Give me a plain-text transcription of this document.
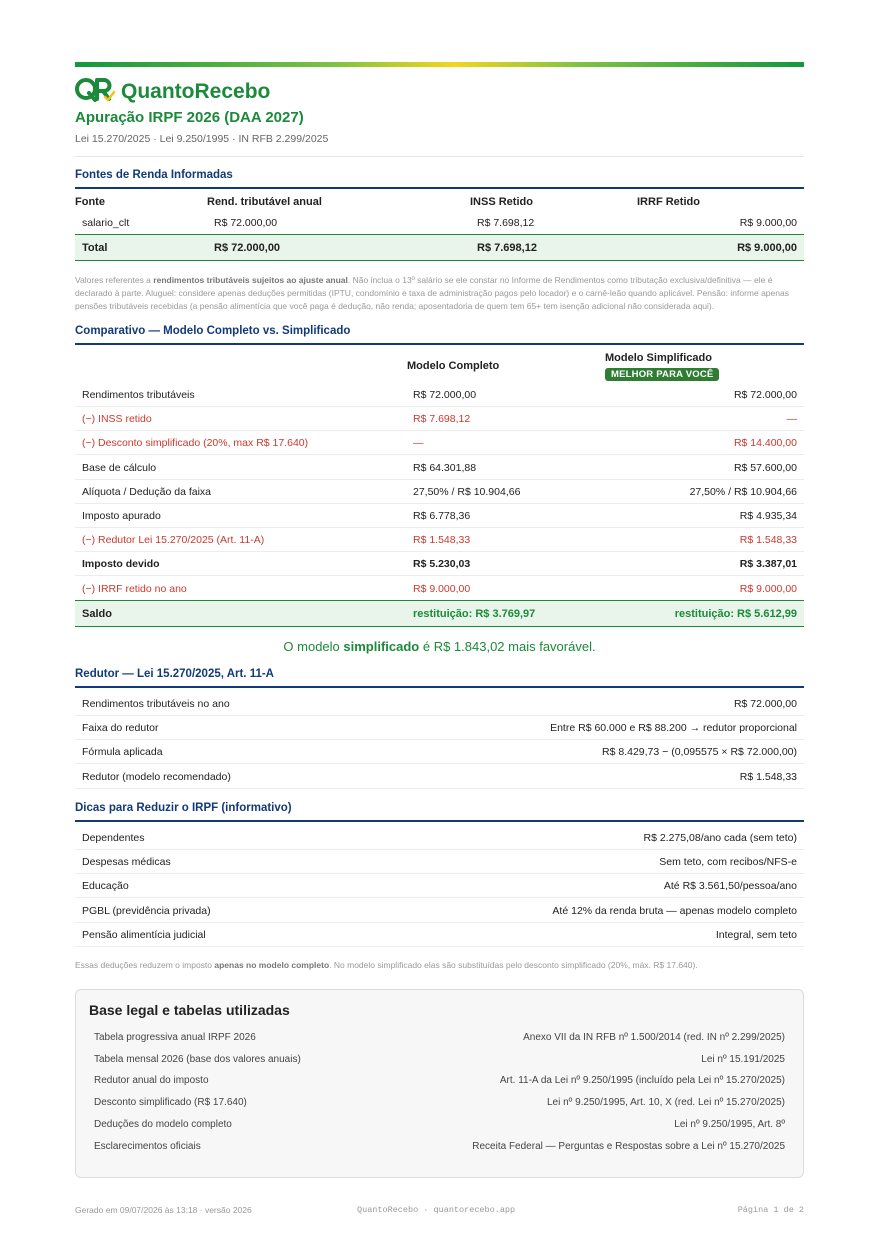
QuantoRecebo
Apuração IRPF 2026 (DAA 2027)
Lei 15.270/2025 · Lei 9.250/1995 · IN RFB 2.299/2025
Fontes de Renda Informadas
Fonte	Rend. tributável anual	INSS Retido	IRRF Retido
salario_clt	R$ 72.000,00	R$ 7.698,12	R$ 9.000,00
Total	R$ 72.000,00	R$ 7.698,12	R$ 9.000,00
Valores referentes a rendimentos tributáveis sujeitos ao ajuste anual. Não inclua o 13º salário se ele constar no Informe de Rendimentos como tributação exclusiva/definitiva — ele é declarado à parte. Aluguel: considere apenas deduções permitidas (IPTU, condomínio e taxa de administração pagos pelo locador) e o carnê-leão quando aplicável. Pensão: informe apenas pensões tributáveis recebidas (a pensão alimentícia que você paga é dedução, não renda; aposentadoria de quem tem 65+ tem isenção adicional não considerada aqui).
Comparativo — Modelo Completo vs. Simplificado
Modelo Completo
Modelo Simplificado
MELHOR PARA VOCÊ
Rendimentos tributáveis	R$ 72.000,00	R$ 72.000,00
(−) INSS retido	R$ 7.698,12	—
(−) Desconto simplificado (20%, max R$ 17.640)	—	R$ 14.400,00
Base de cálculo	R$ 64.301,88	R$ 57.600,00
Alíquota / Dedução da faixa	27,50% / R$ 10.904,66	27,50% / R$ 10.904,66
Imposto apurado	R$ 6.778,36	R$ 4.935,34
(−) Redutor Lei 15.270/2025 (Art. 11-A)	R$ 1.548,33	R$ 1.548,33
Imposto devido	R$ 5.230,03	R$ 3.387,01
(−) IRRF retido no ano	R$ 9.000,00	R$ 9.000,00
Saldo	restituição: R$ 3.769,97	restituição: R$ 5.612,99
O modelo simplificado é R$ 1.843,02 mais favorável.
Redutor — Lei 15.270/2025, Art. 11-A
Rendimentos tributáveis no ano	R$ 72.000,00
Faixa do redutor	Entre R$ 60.000 e R$ 88.200 → redutor proporcional
Fórmula aplicada	R$ 8.429,73 − (0,095575 × R$ 72.000,00)
Redutor (modelo recomendado)	R$ 1.548,33
Dicas para Reduzir o IRPF (informativo)
Dependentes	R$ 2.275,08/ano cada (sem teto)
Despesas médicas	Sem teto, com recibos/NFS-e
Educação	Até R$ 3.561,50/pessoa/ano
PGBL (previdência privada)	Até 12% da renda bruta — apenas modelo completo
Pensão alimentícia judicial	Integral, sem teto
Essas deduções reduzem o imposto apenas no modelo completo. No modelo simplificado elas são substituídas pelo desconto simplificado (20%, máx. R$ 17.640).
Base legal e tabelas utilizadas
Tabela progressiva anual IRPF 2026	Anexo VII da IN RFB nº 1.500/2014 (red. IN nº 2.299/2025)
Tabela mensal 2026 (base dos valores anuais)	Lei nº 15.191/2025
Redutor anual do imposto	Art. 11-A da Lei nº 9.250/1995 (incluído pela Lei nº 15.270/2025)
Desconto simplificado (R$ 17.640)	Lei nº 9.250/1995, Art. 10, X (red. Lei nº 15.270/2025)
Deduções do modelo completo	Lei nº 9.250/1995, Art. 8º
Esclarecimentos oficiais	Receita Federal — Perguntas e Respostas sobre a Lei nº 15.270/2025
Gerado em 09/07/2026 às 13:18 · versão 2026	QuantoRecebo · quantorecebo.app	Página 1 de 2
